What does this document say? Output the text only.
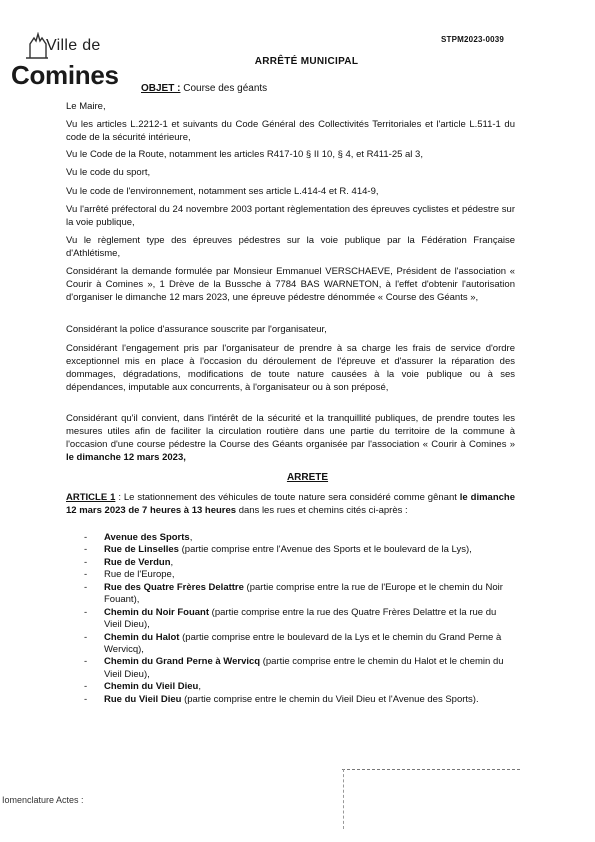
Ville de
Comines
STPM2023-0039
ARRÊTÉ MUNICIPAL
OBJET : Course des géants
Le Maire,
Vu les articles L.2212-1 et suivants du Code Général des Collectivités Territoriales et l'article L.511-1 du code de la sécurité intérieure,
Vu le Code de la Route, notamment les articles R417-10 § II 10, § 4, et R411-25 al 3,
Vu le code du sport,
Vu le code de l'environnement, notamment ses article L.414-4 et R. 414-9,
Vu l'arrêté préfectoral du 24 novembre 2003 portant règlementation des épreuves cyclistes et pédestre sur la voie publique,
Vu le règlement type des épreuves pédestres sur la voie publique par la Fédération Française d'Athlétisme,
Considérant la demande formulée par Monsieur Emmanuel VERSCHAEVE, Président de l'association « Courir à Comines », 1 Drève de la Bussche à 7784 BAS WARNETON, à l'effet d'obtenir l'autorisation d'organiser le dimanche 12 mars 2023, une épreuve pédestre dénommée « Course des Géants »,
Considérant la police d'assurance souscrite par l'organisateur,
Considérant l'engagement pris par l'organisateur de prendre à sa charge les frais de service d'ordre exceptionnel mis en place à l'occasion du déroulement de l'épreuve et d'assurer la réparation des dommages, dégradations, modifications de toute nature causées à la voie publique ou à ses dépendances, imputable aux concurrents, à l'organisateur ou à son préposé,
Considérant qu'il convient, dans l'intérêt de la sécurité et la tranquillité publiques, de prendre toutes les mesures utiles afin de faciliter la circulation routière dans une partie du territoire de la commune à l'occasion d'une course pédestre la Course des Géants organisée par l'association « Courir à Comines » le dimanche 12 mars 2023,
ARRETE
ARTICLE 1 : Le stationnement des véhicules de toute nature sera considéré comme gênant le dimanche 12 mars 2023 de 7 heures à 13 heures dans les rues et chemins cités ci-après :
- Avenue des Sports,
- Rue de Linselles (partie comprise entre l'Avenue des Sports et le boulevard de la Lys),
- Rue de Verdun,
- Rue de l'Europe,
- Rue des Quatre Frères Delattre (partie comprise entre la rue de l'Europe et le chemin du Noir Fouant),
- Chemin du Noir Fouant (partie comprise entre la rue des Quatre Frères Delattre et la rue du Vieil Dieu),
- Chemin du Halot (partie comprise entre le boulevard de la Lys et le chemin du Grand Perne à Wervicq),
- Chemin du Grand Perne à Wervicq (partie comprise entre le chemin du Halot et le chemin du Vieil Dieu),
- Chemin du Vieil Dieu,
- Rue du Vieil Dieu (partie comprise entre le chemin du Vieil Dieu et l'Avenue des Sports).
Iomenclature Actes :
